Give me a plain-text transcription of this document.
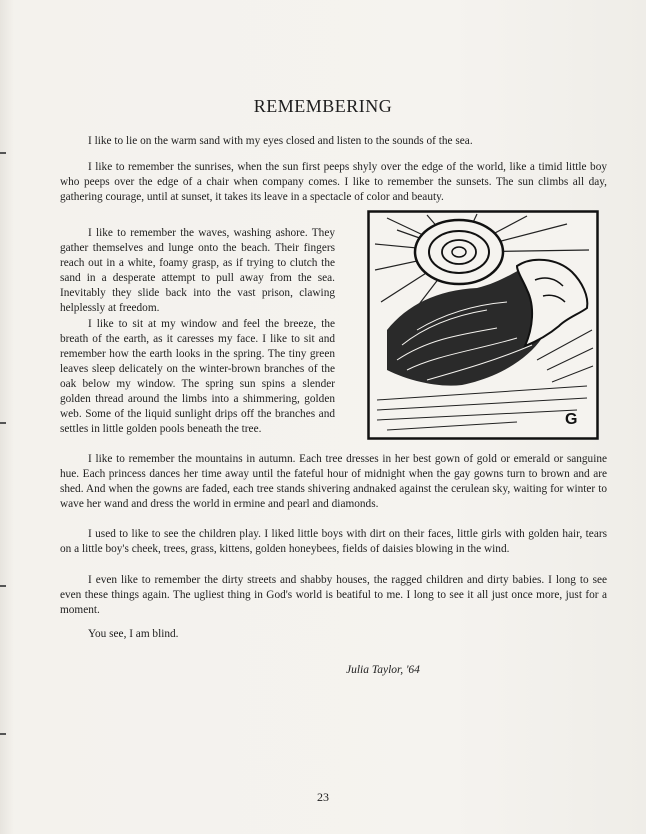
REMEMBERING

I like to lie on the warm sand with my eyes closed and listen to the sounds of the sea.

I like to remember the sunrises, when the sun first peeps shyly over the edge of the world, like a timid little boy who peeps over the edge of a chair when company comes. I like to remember the sunsets. The sun climbs all day, gathering courage, until at sunset, it takes its leave in a spectacle of color and beauty.

I like to remember the waves, washing ashore. They gather themselves and lunge onto the beach. Their fingers reach out in a white, foamy grasp, as if trying to clutch the sand in a desperate attempt to pull away from the sea. Inevitably they slide back into the vast prison, clawing helplessly at freedom.

I like to sit at my window and feel the breeze, the breath of the earth, as it caresses my face. I like to sit and remember how the earth looks in the spring. The tiny green leaves sleep delicately on the winter-brown branches of the oak below my window. The spring sun spins a slender golden thread around the limbs into a shimmering, golden web. Some of the liquid sunlight drips off the branches and settles in little golden pools beneath the tree.

I like to remember the mountains in autumn. Each tree dresses in her best gown of gold or emerald or sanguine hue. Each princess dances her time away until the fateful hour of midnight when the gay gowns turn to brown and are shed. And when the gowns are faded, each tree stands shivering andnaked against the cerulean sky, waiting for winter to wave her wand and dress the world in ermine and pearl and diamonds.

I used to like to see the children play. I liked little boys with dirt on their faces, little girls with golden hair, tears on a little boy's cheek, trees, grass, kittens, golden honeybees, fields of daisies blowing in the wind.

I even like to remember the dirty streets and shabby houses, the ragged children and dirty babies. I long to see even these things again. The ugliest thing in God's world is beatiful to me. I long to see it all just once more, just for a moment.

You see, I am blind.

Julia Taylor, '64
G
23
